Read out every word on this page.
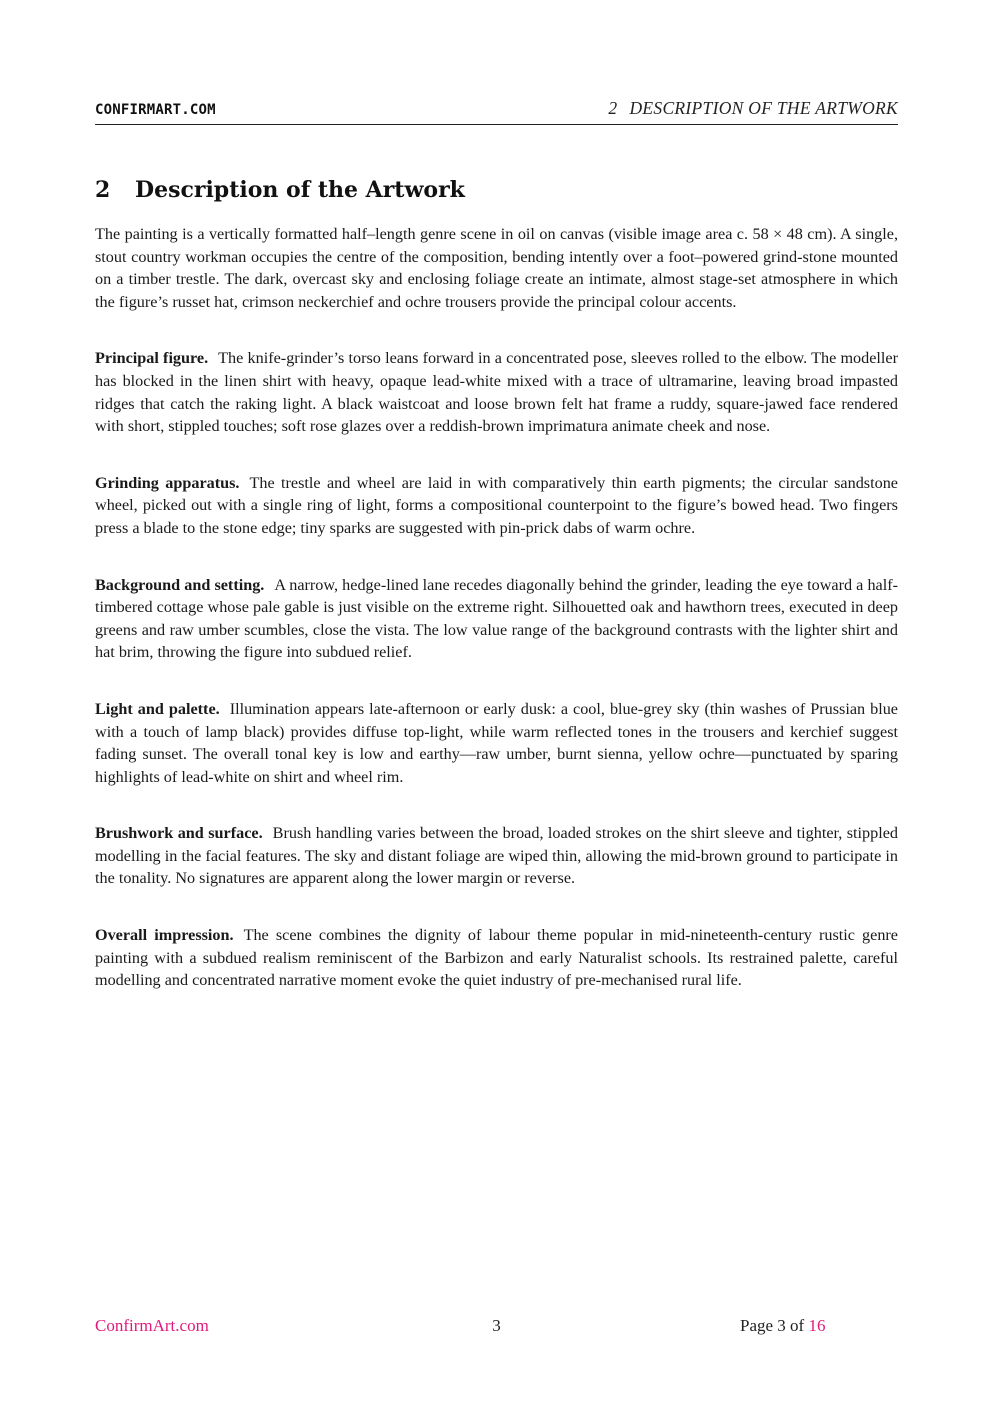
CONFIRMART.COM	2 DESCRIPTION OF THE ARTWORK
2 Description of the Artwork

The painting is a vertically formatted half–length genre scene in oil on canvas (visible image area c. 58 × 48 cm). A single, stout country workman occupies the centre of the composition, bending intently over a foot–powered grind-stone mounted on a timber trestle. The dark, overcast sky and enclosing foliage create an intimate, almost stage-set atmosphere in which the figure’s russet hat, crimson neckerchief and ochre trousers provide the principal colour accents.

Principal figure. The knife-grinder’s torso leans forward in a concentrated pose, sleeves rolled to the elbow. The modeller has blocked in the linen shirt with heavy, opaque lead-white mixed with a trace of ultramarine, leaving broad impasted ridges that catch the raking light. A black waistcoat and loose brown felt hat frame a ruddy, square-jawed face rendered with short, stippled touches; soft rose glazes over a reddish-brown imprimatura animate cheek and nose.

Grinding apparatus. The trestle and wheel are laid in with comparatively thin earth pigments; the circular sandstone wheel, picked out with a single ring of light, forms a compositional counterpoint to the figure’s bowed head. Two fingers press a blade to the stone edge; tiny sparks are suggested with pin-prick dabs of warm ochre.

Background and setting. A narrow, hedge-lined lane recedes diagonally behind the grinder, leading the eye toward a half-timbered cottage whose pale gable is just visible on the extreme right. Silhouetted oak and hawthorn trees, executed in deep greens and raw umber scumbles, close the vista. The low value range of the background contrasts with the lighter shirt and hat brim, throwing the figure into subdued relief.

Light and palette. Illumination appears late-afternoon or early dusk: a cool, blue-grey sky (thin washes of Prussian blue with a touch of lamp black) provides diffuse top-light, while warm reflected tones in the trousers and kerchief suggest fading sunset. The overall tonal key is low and earthy—raw umber, burnt sienna, yellow ochre—punctuated by sparing highlights of lead-white on shirt and wheel rim.

Brushwork and surface. Brush handling varies between the broad, loaded strokes on the shirt sleeve and tighter, stippled modelling in the facial features. The sky and distant foliage are wiped thin, allowing the mid-brown ground to participate in the tonality. No signatures are apparent along the lower margin or reverse.

Overall impression. The scene combines the dignity of labour theme popular in mid-nineteenth-century rustic genre painting with a subdued realism reminiscent of the Barbizon and early Naturalist schools. Its restrained palette, careful modelling and concentrated narrative moment evoke the quiet industry of pre-mechanised rural life.

ConfirmArt.com	3	Page 3 of 16
